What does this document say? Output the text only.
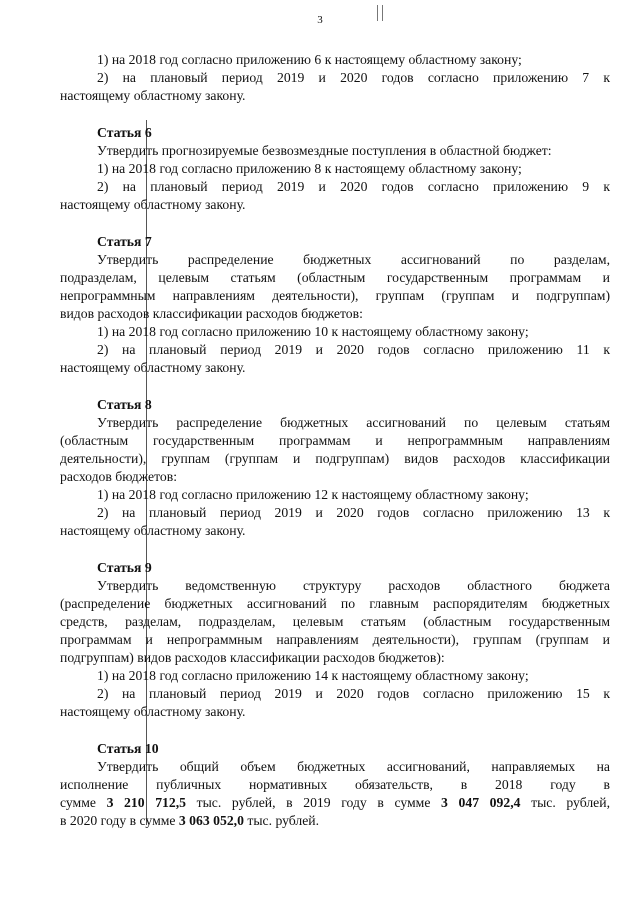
3

1) на 2018 год согласно приложению 6 к настоящему областному закону;

2) на плановый период 2019 и 2020 годов согласно приложению 7 к

настоящему областному закону.

Статья 6

Утвердить прогнозируемые безвозмездные поступления в областной бюджет:

1) на 2018 год согласно приложению 8 к настоящему областному закону;

2) на плановый период 2019 и 2020 годов согласно приложению 9 к

настоящему областному закону.

Статья 7

Утвердить распределение бюджетных ассигнований по разделам,

подразделам, целевым статьям (областным государственным программам и

непрограммным направлениям деятельности), группам (группам и подгруппам)

видов расходов классификации расходов бюджетов:

1) на 2018 год согласно приложению 10 к настоящему областному закону;

2) на плановый период 2019 и 2020 годов согласно приложению 11 к

настоящему областному закону.

Статья 8

Утвердить распределение бюджетных ассигнований по целевым статьям

(областным государственным программам и непрограммным направлениям

деятельности), группам (группам и подгруппам) видов расходов классификации

расходов бюджетов:

1) на 2018 год согласно приложению 12 к настоящему областному закону;

2) на плановый период 2019 и 2020 годов согласно приложению 13 к

настоящему областному закону.

Статья 9

Утвердить ведомственную структуру расходов областного бюджета

(распределение бюджетных ассигнований по главным распорядителям бюджетных

средств, разделам, подразделам, целевым статьям (областным государственным

программам и непрограммным направлениям деятельности), группам (группам и

подгруппам) видов расходов классификации расходов бюджетов):

1) на 2018 год согласно приложению 14 к настоящему областному закону;

2) на плановый период 2019 и 2020 годов согласно приложению 15 к

настоящему областному закону.

Статья 10

Утвердить общий объем бюджетных ассигнований, направляемых на

исполнение публичных нормативных обязательств, в 2018 году в

сумме 3 210 712,5 тыс. рублей, в 2019 году в сумме 3 047 092,4 тыс. рублей,

в 2020 году в сумме 3 063 052,0 тыс. рублей.
